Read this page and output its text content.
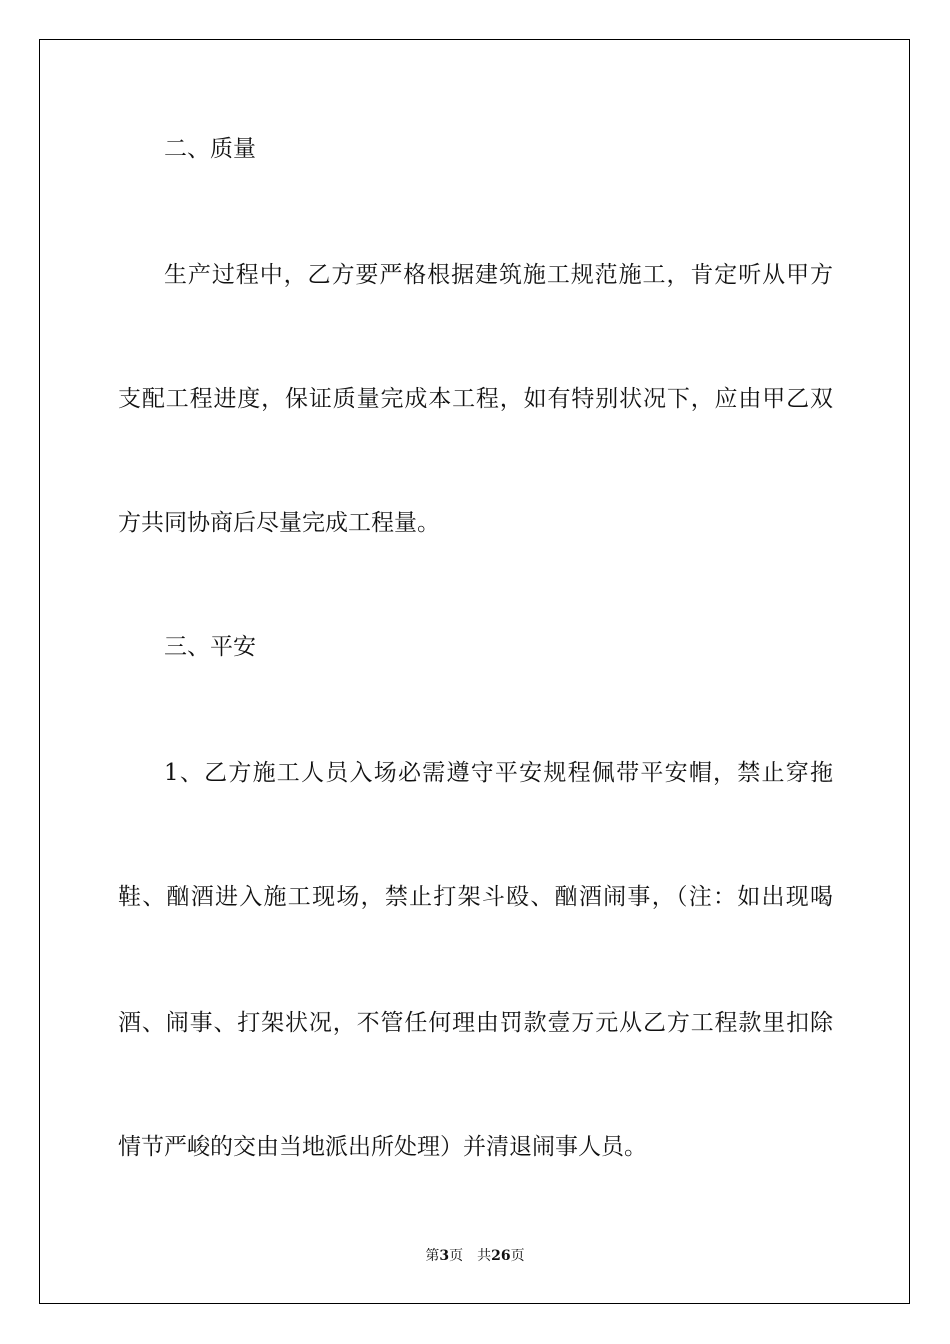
二、质量
生产过程中，乙方要严格根据建筑施工规范施工，肯定听从甲方
支配工程进度，保证质量完成本工程，如有特别状况下，应由甲乙双
方共同协商后尽量完成工程量。
三、平安
1、乙方施工人员入场必需遵守平安规程佩带平安帽，禁止穿拖
鞋、酗酒进入施工现场，禁止打架斗殴、酗酒闹事，（注：如出现喝
酒、闹事、打架状况，不管任何理由罚款壹万元从乙方工程款里扣除
情节严峻的交由当地派出所处理）并清退闹事人员。
第3页 共26页
